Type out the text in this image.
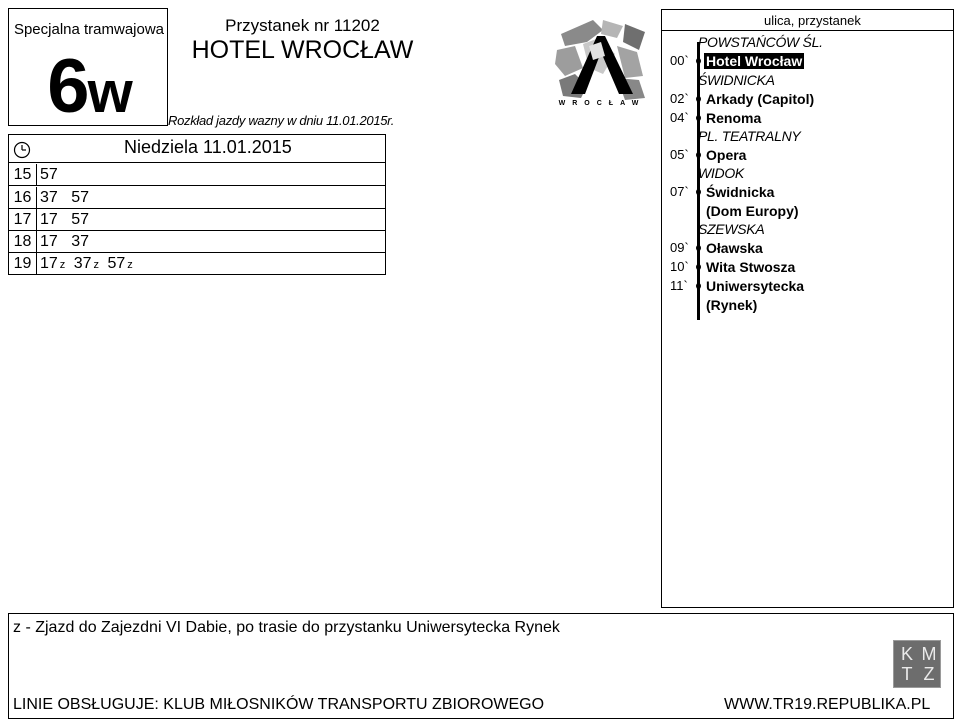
Specjalna tramwajowa
6w
Przystanek nr 11202
HOTEL WROCŁAW
Rozkład jazdy wazny w dniu 11.01.2015r.
WROCŁAW
Niedziela 11.01.2015
15 57
16 37 57
17 17 57
18 17 37
19 17 z 37 z 57 z
ulica, przystanek
POWSTAŃCÓW ŚL.
00`	Hotel Wrocław
ŚWIDNICKA
02`	Arkady (Capitol)
04`	Renoma
PL. TEATRALNY
05`	Opera
WIDOK
07`	Świdnicka
(Dom Europy)
SZEWSKA
09`	Oławska
10`	Wita Stwosza
11`	Uniwersytecka
(Rynek)
z - Zjazd do Zajezdni VI Dabie, po trasie do przystanku Uniwersytecka Rynek
K M
T Z
LINIE OBSŁUGUJE: KLUB MIŁOSNIKÓW TRANSPORTU ZBIOROWEGO	WWW.TR19.REPUBLIKA.PL
